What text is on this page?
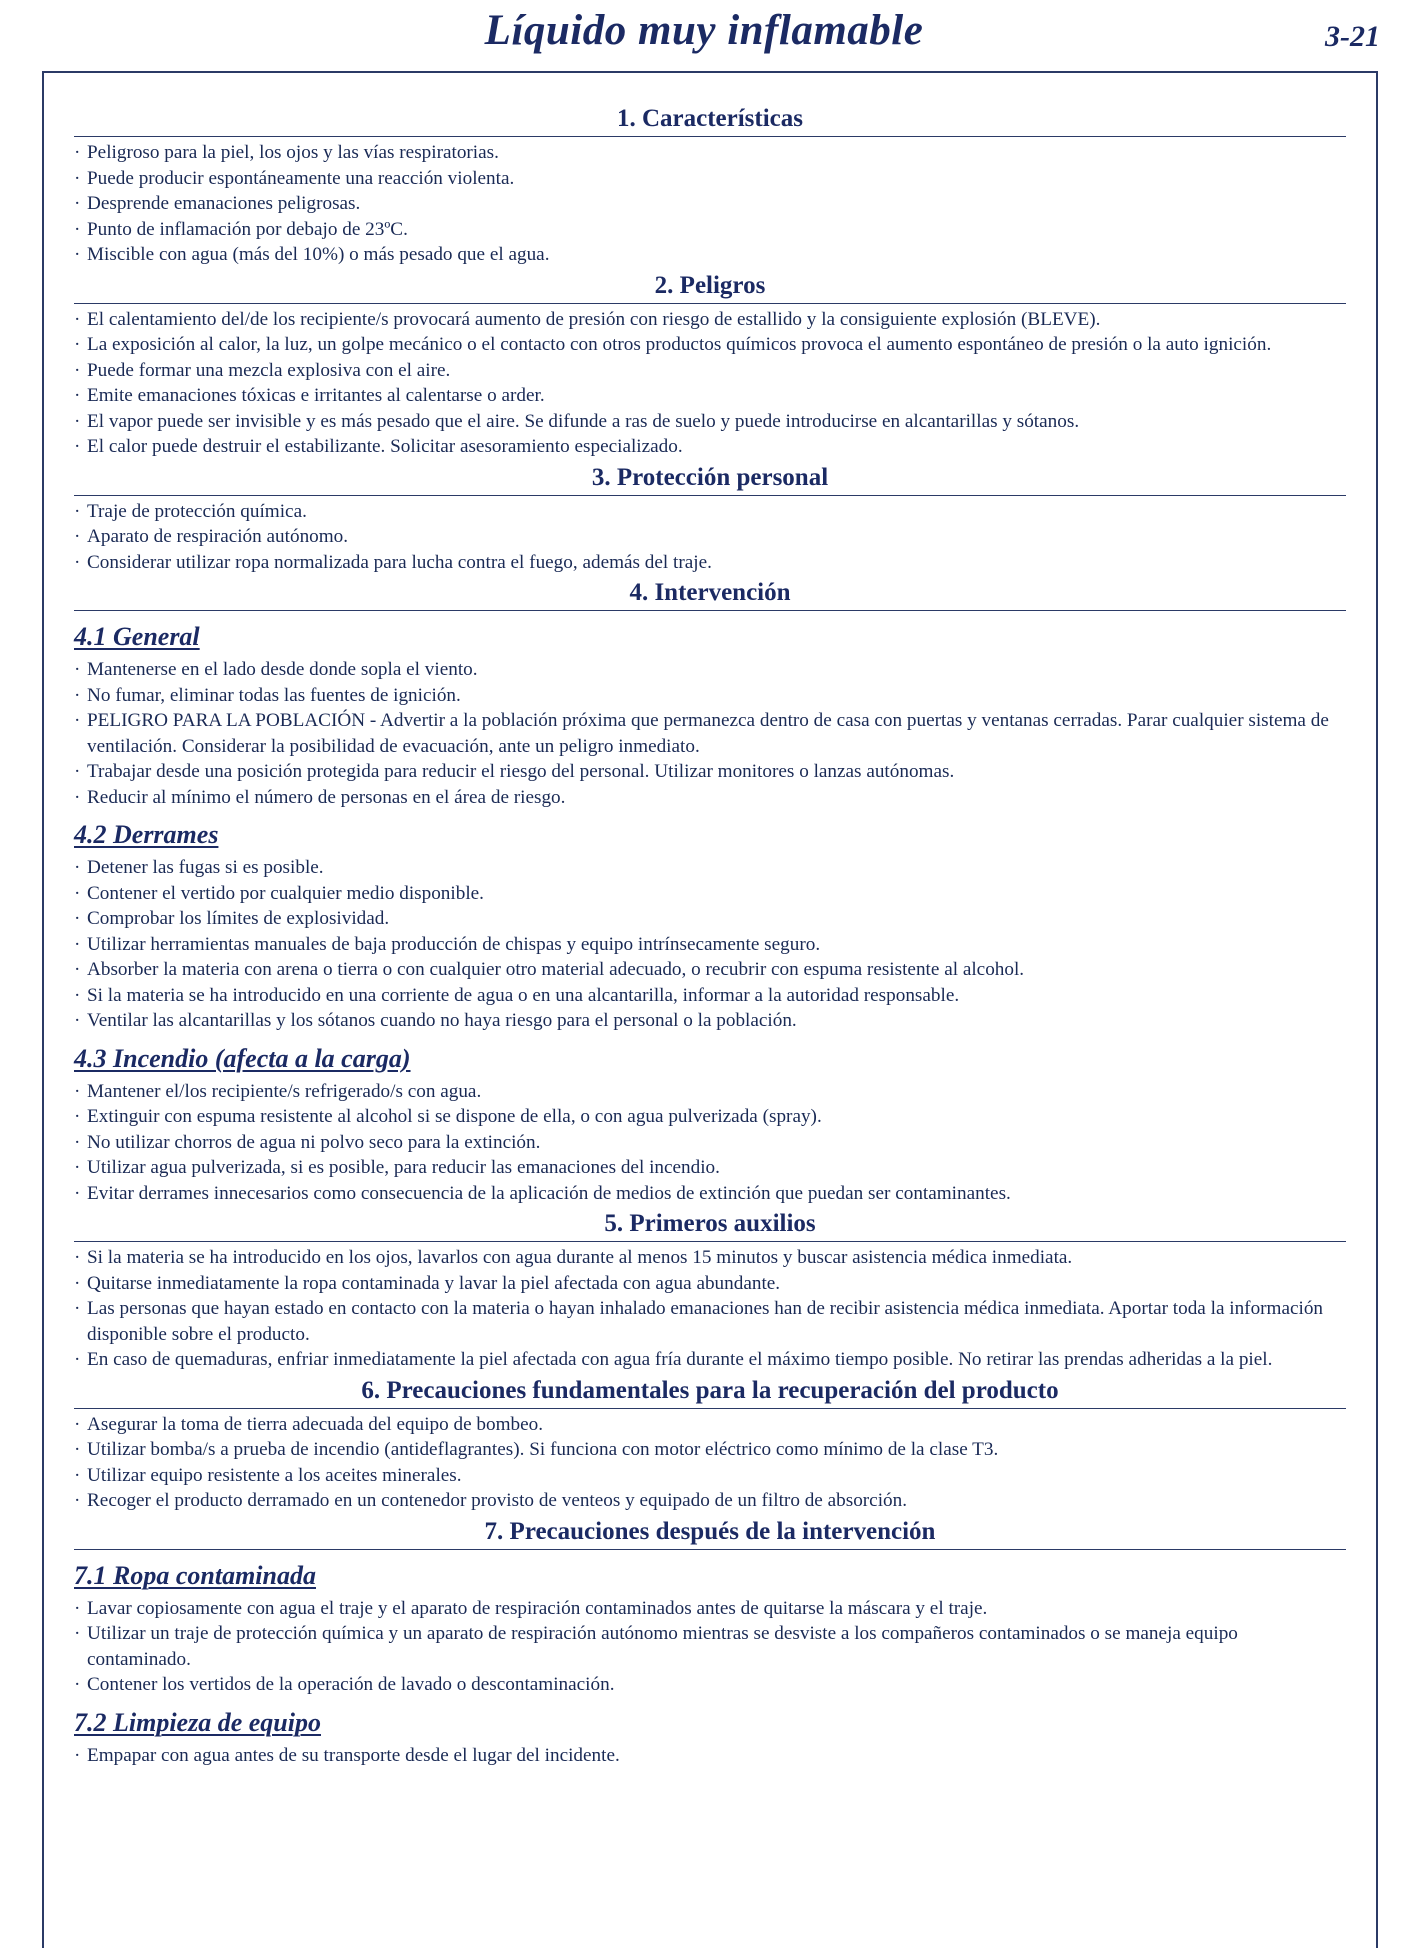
Líquido muy inflamable	3-21
1. Características
· Peligroso para la piel, los ojos y las vías respiratorias.
· Puede producir espontáneamente una reacción violenta.
· Desprende emanaciones peligrosas.
· Punto de inflamación por debajo de 23ºC.
· Miscible con agua (más del 10%) o más pesado que el agua.
2. Peligros
· El calentamiento del/de los recipiente/s provocará aumento de presión con riesgo de estallido y la consiguiente explosión (BLEVE).
· La exposición al calor, la luz, un golpe mecánico o el contacto con otros productos químicos provoca el aumento espontáneo de presión o la auto ignición.
· Puede formar una mezcla explosiva con el aire.
· Emite emanaciones tóxicas e irritantes al calentarse o arder.
· El vapor puede ser invisible y es más pesado que el aire. Se difunde a ras de suelo y puede introducirse en alcantarillas y sótanos.
· El calor puede destruir el estabilizante. Solicitar asesoramiento especializado.
3. Protección personal
· Traje de protección química.
· Aparato de respiración autónomo.
· Considerar utilizar ropa normalizada para lucha contra el fuego, además del traje.
4. Intervención
4.1 General
· Mantenerse en el lado desde donde sopla el viento.
· No fumar, eliminar todas las fuentes de ignición.
· PELIGRO PARA LA POBLACIÓN - Advertir a la población próxima que permanezca dentro de casa con puertas y ventanas cerradas. Parar cualquier sistema de ventilación. Considerar la posibilidad de evacuación, ante un peligro inmediato.
· Trabajar desde una posición protegida para reducir el riesgo del personal. Utilizar monitores o lanzas autónomas.
· Reducir al mínimo el número de personas en el área de riesgo.
4.2 Derrames
· Detener las fugas si es posible.
· Contener el vertido por cualquier medio disponible.
· Comprobar los límites de explosividad.
· Utilizar herramientas manuales de baja producción de chispas y equipo intrínsecamente seguro.
· Absorber la materia con arena o tierra o con cualquier otro material adecuado, o recubrir con espuma resistente al alcohol.
· Si la materia se ha introducido en una corriente de agua o en una alcantarilla, informar a la autoridad responsable.
· Ventilar las alcantarillas y los sótanos cuando no haya riesgo para el personal o la población.
4.3 Incendio (afecta a la carga)
· Mantener el/los recipiente/s refrigerado/s con agua.
· Extinguir con espuma resistente al alcohol si se dispone de ella, o con agua pulverizada (spray).
· No utilizar chorros de agua ni polvo seco para la extinción.
· Utilizar agua pulverizada, si es posible, para reducir las emanaciones del incendio.
· Evitar derrames innecesarios como consecuencia de la aplicación de medios de extinción que puedan ser contaminantes.
5. Primeros auxilios
· Si la materia se ha introducido en los ojos, lavarlos con agua durante al menos 15 minutos y buscar asistencia médica inmediata.
· Quitarse inmediatamente la ropa contaminada y lavar la piel afectada con agua abundante.
· Las personas que hayan estado en contacto con la materia o hayan inhalado emanaciones han de recibir asistencia médica inmediata. Aportar toda la información disponible sobre el producto.
· En caso de quemaduras, enfriar inmediatamente la piel afectada con agua fría durante el máximo tiempo posible. No retirar las prendas adheridas a la piel.
6. Precauciones fundamentales para la recuperación del producto
· Asegurar la toma de tierra adecuada del equipo de bombeo.
· Utilizar bomba/s a prueba de incendio (antideflagrantes). Si funciona con motor eléctrico como mínimo de la clase T3.
· Utilizar equipo resistente a los aceites minerales.
· Recoger el producto derramado en un contenedor provisto de venteos y equipado de un filtro de absorción.
7. Precauciones después de la intervención
7.1 Ropa contaminada
· Lavar copiosamente con agua el traje y el aparato de respiración contaminados antes de quitarse la máscara y el traje.
· Utilizar un traje de protección química y un aparato de respiración autónomo mientras se desviste a los compañeros contaminados o se maneja equipo contaminado.
· Contener los vertidos de la operación de lavado o descontaminación.
7.2 Limpieza de equipo
· Empapar con agua antes de su transporte desde el lugar del incidente.
